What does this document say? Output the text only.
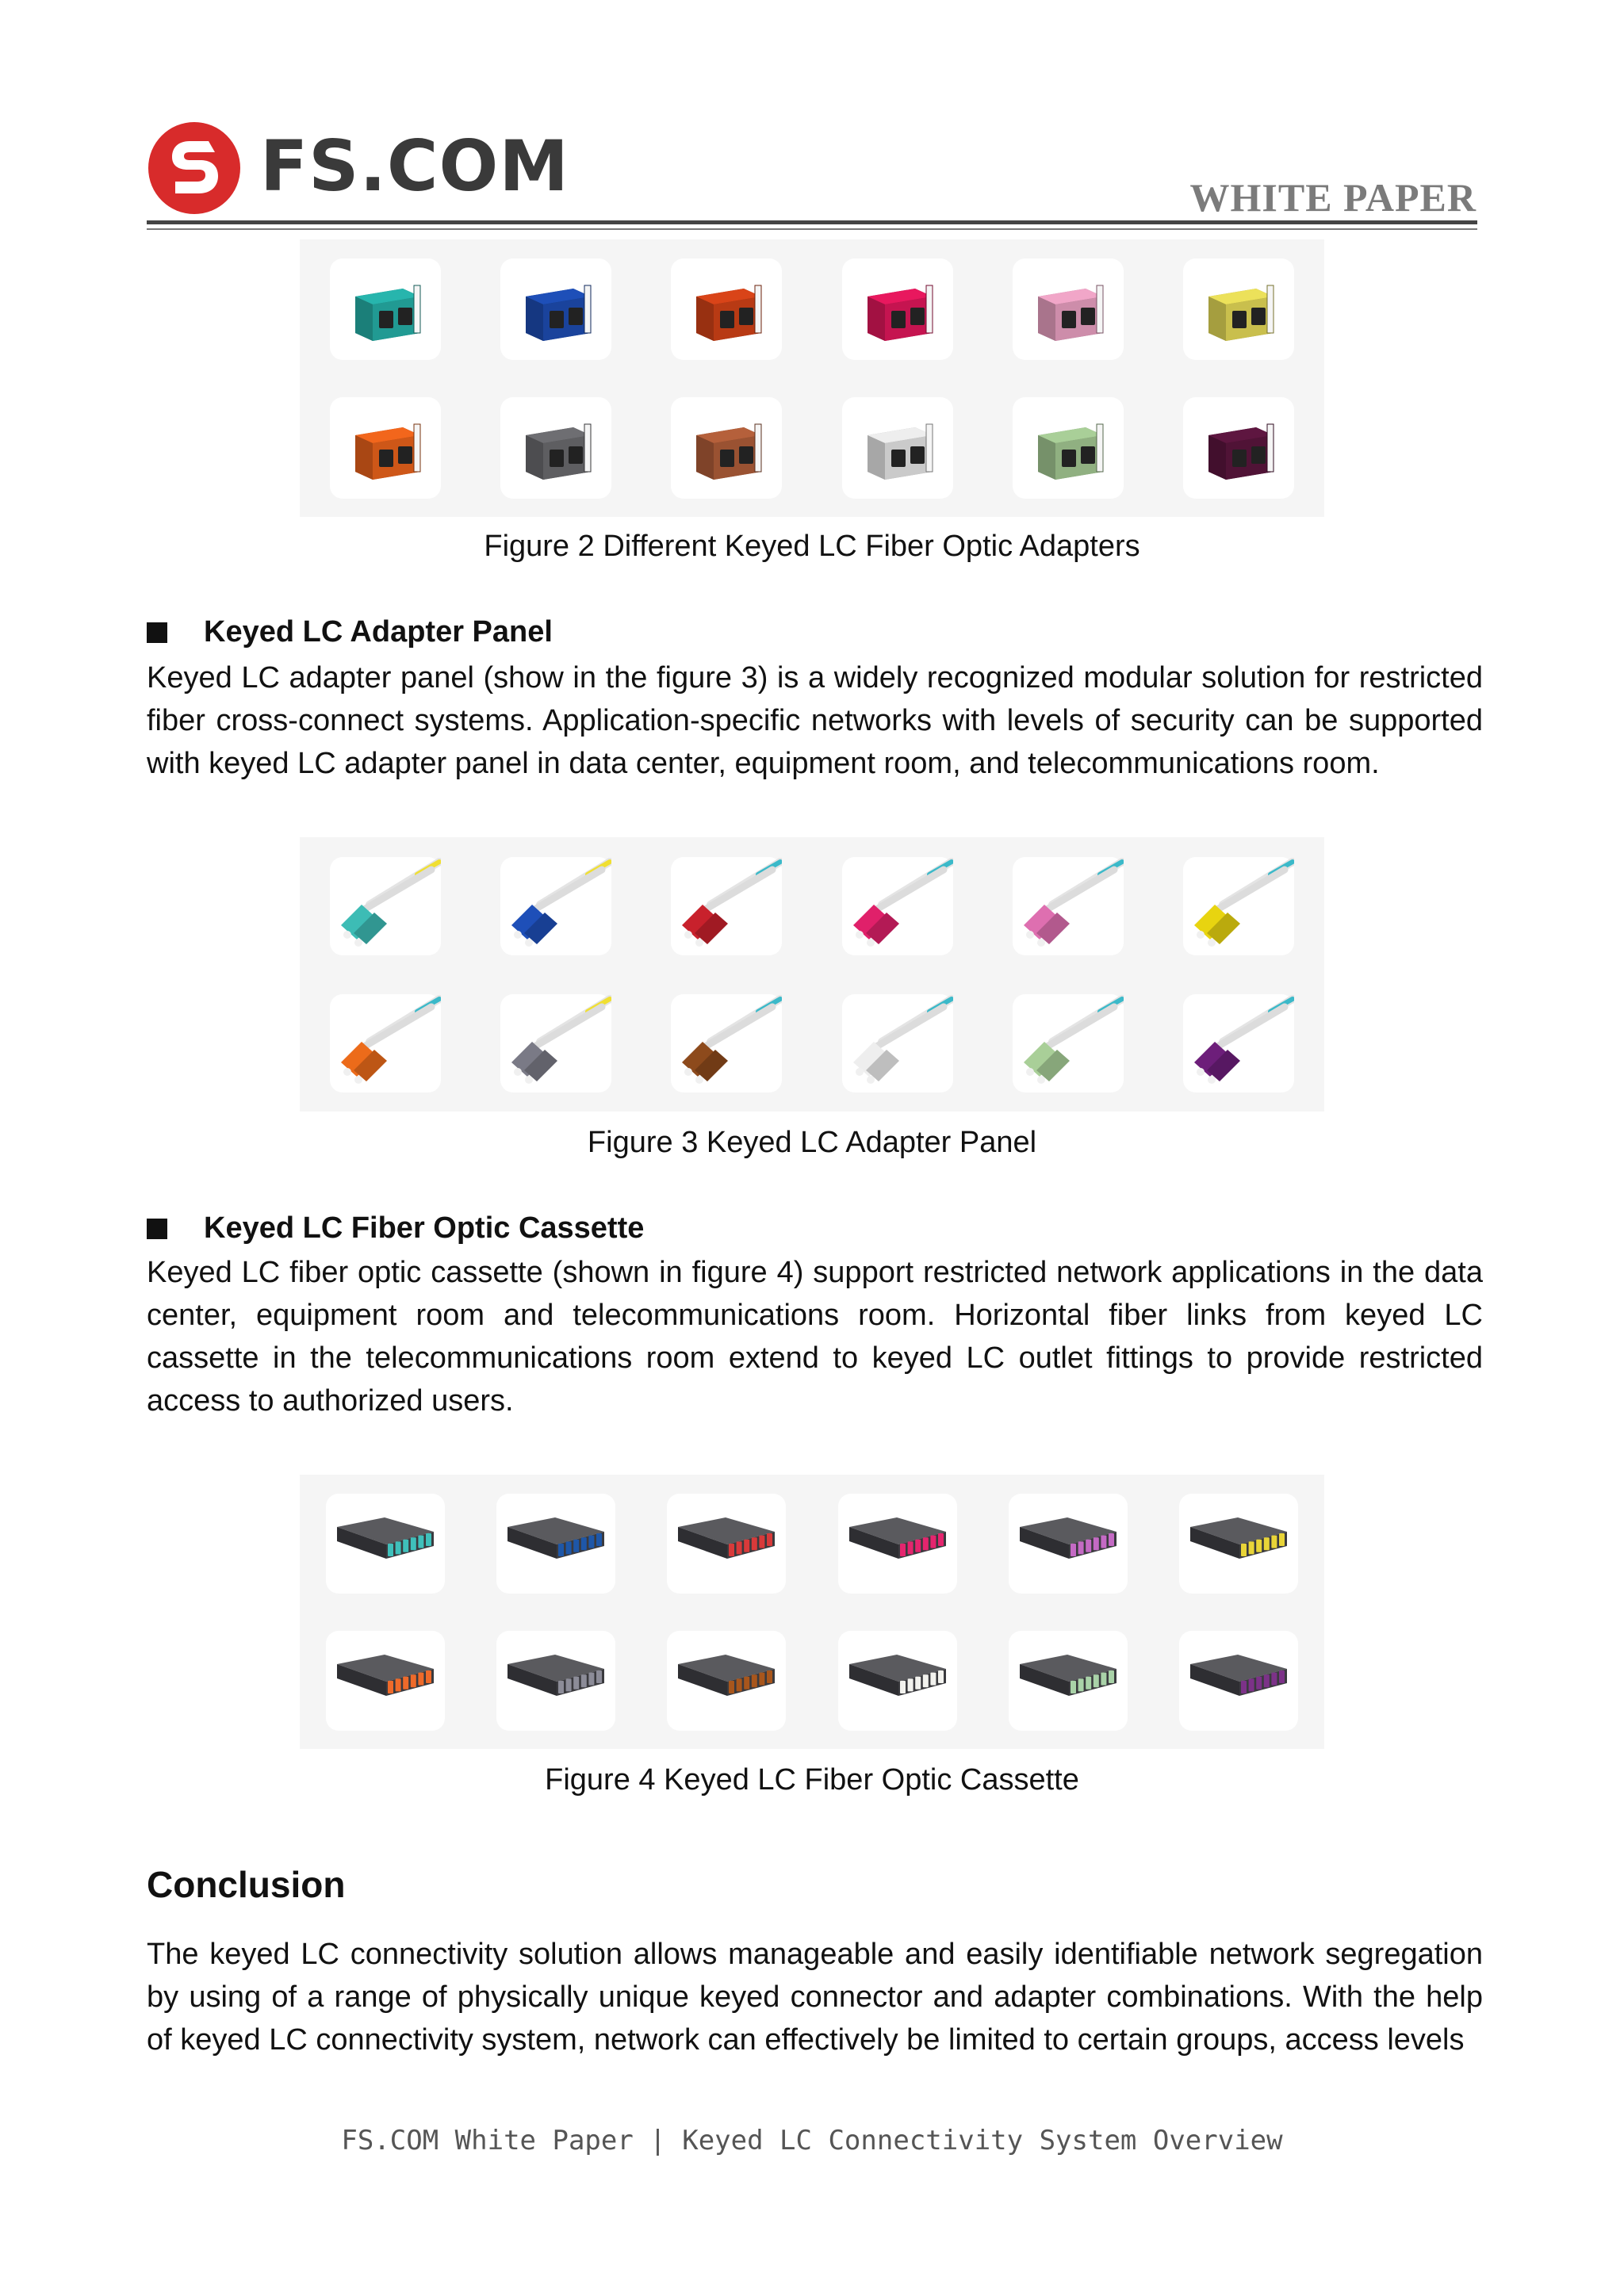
FS.COM	WHITE PAPER
Figure 2 Different Keyed LC Fiber Optic Adapters
Keyed LC Adapter Panel
Keyed LC adapter panel (show in the figure 3) is a widely recognized modular solution for restricted fiber cross-connect systems. Application-specific networks with levels of security can be supported with keyed LC adapter panel in data center, equipment room, and telecommunications room.
Figure 3 Keyed LC Adapter Panel
Keyed LC Fiber Optic Cassette
Keyed LC fiber optic cassette (shown in figure 4) support restricted network applications in the data center, equipment room and telecommunications room. Horizontal fiber links from keyed LC cassette in the telecommunications room extend to keyed LC outlet fittings to provide restricted access to authorized users.
Figure 4 Keyed LC Fiber Optic Cassette
Conclusion
The keyed LC connectivity solution allows manageable and easily identifiable network segregation by using of a range of physically unique keyed connector and adapter combinations. With the help of keyed LC connectivity system, network can effectively be limited to certain groups, access levels
FS.COM White Paper | Keyed LC Connectivity System Overview
